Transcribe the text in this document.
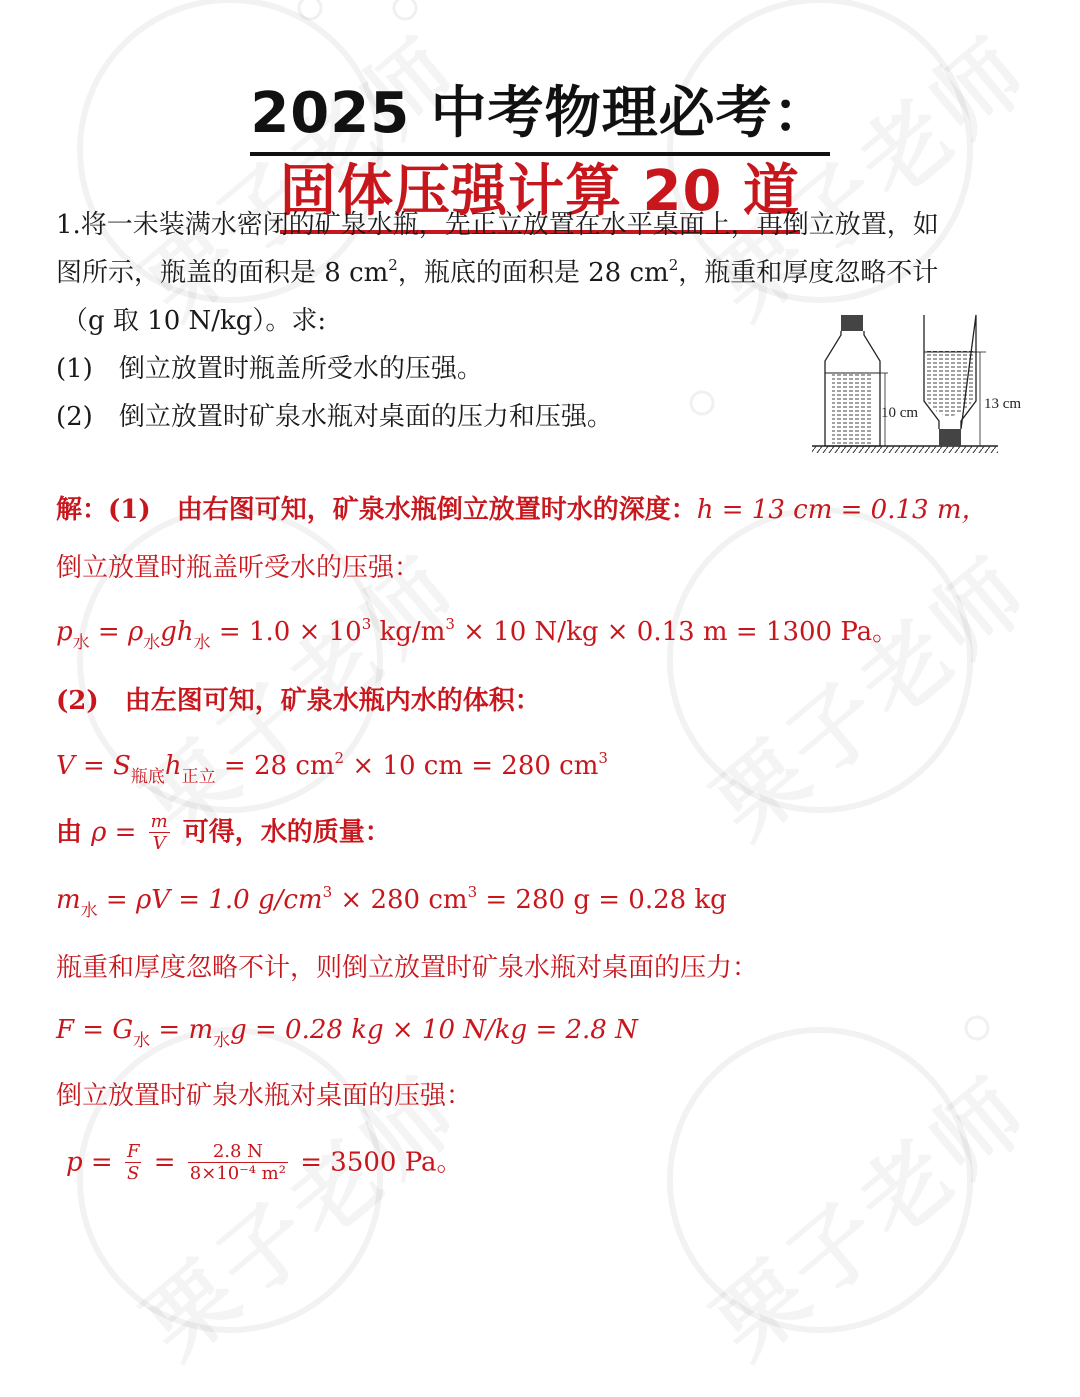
2025 中考物理必考：固体压强计算 20 道
1.将一未装满水密闭的矿泉水瓶，先正立放置在水平桌面上，再倒立放置，如
图所示，瓶盖的面积是 8 $cm^2$，瓶底的面积是 28 $cm^2$，瓶重和厚度忽略不计
（g 取 10 N/kg）。求:
(1)　倒立放置时瓶盖所受水的压强。
(2)　倒立放置时矿泉水瓶对桌面的压力和压强。	10 cm
13 cm
解：(1)　由右图可知，矿泉水瓶倒立放置时水的深度：h = 13 cm = 0.13 m，
倒立放置时瓶盖听受水的压强：
$p_水 = \rho_水gh_水 = 1.0 \times 10^3$ $kg/m^3 \times 10$ N/kg × 0.13 m = 1300 Pa。
(2)　由左图可知，矿泉水瓶内水的体积：
$V = S_{瓶底}h_{正立} = 28$ $cm^2 \times 10$ cm = 280 $cm^3$
由 $\rho = \frac{m}{V}$ 可得，水的质量：
$m_水 = \rho V = 1.0$ $g/cm^3 \times 280$ $cm^3 = 280$ g = 0.28 kg
瓶重和厚度忽略不计，则倒立放置时矿泉水瓶对桌面的压力：
$F = G_水 = m_水g = 0.28$ kg × 10 N/kg = 2.8 N
倒立放置时矿泉水瓶对桌面的压强：
$p = \frac{F}{S} = \frac{2.8 N}{\text{8×10⁻⁴ m²}} = 3500$ Pa。
